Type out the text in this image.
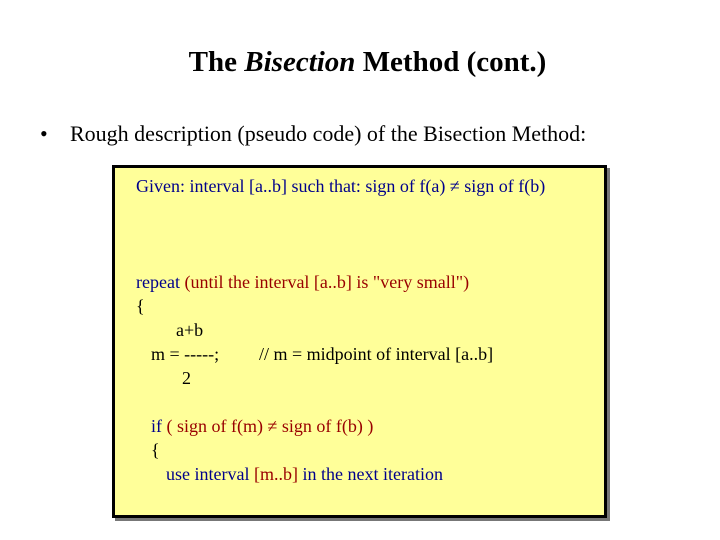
The Bisection Method (cont.)
• Rough description (pseudo code) of the Bisection Method:
Given: interval [a..b] such that: sign of f(a) ≠ sign of f(b)
repeat (until the interval [a..b] is "very small")
{
a+b
m = -----; // m = midpoint of interval [a..b]
2
if ( sign of f(m) ≠ sign of f(b) )
{
use interval [m..b] in the next iteration
